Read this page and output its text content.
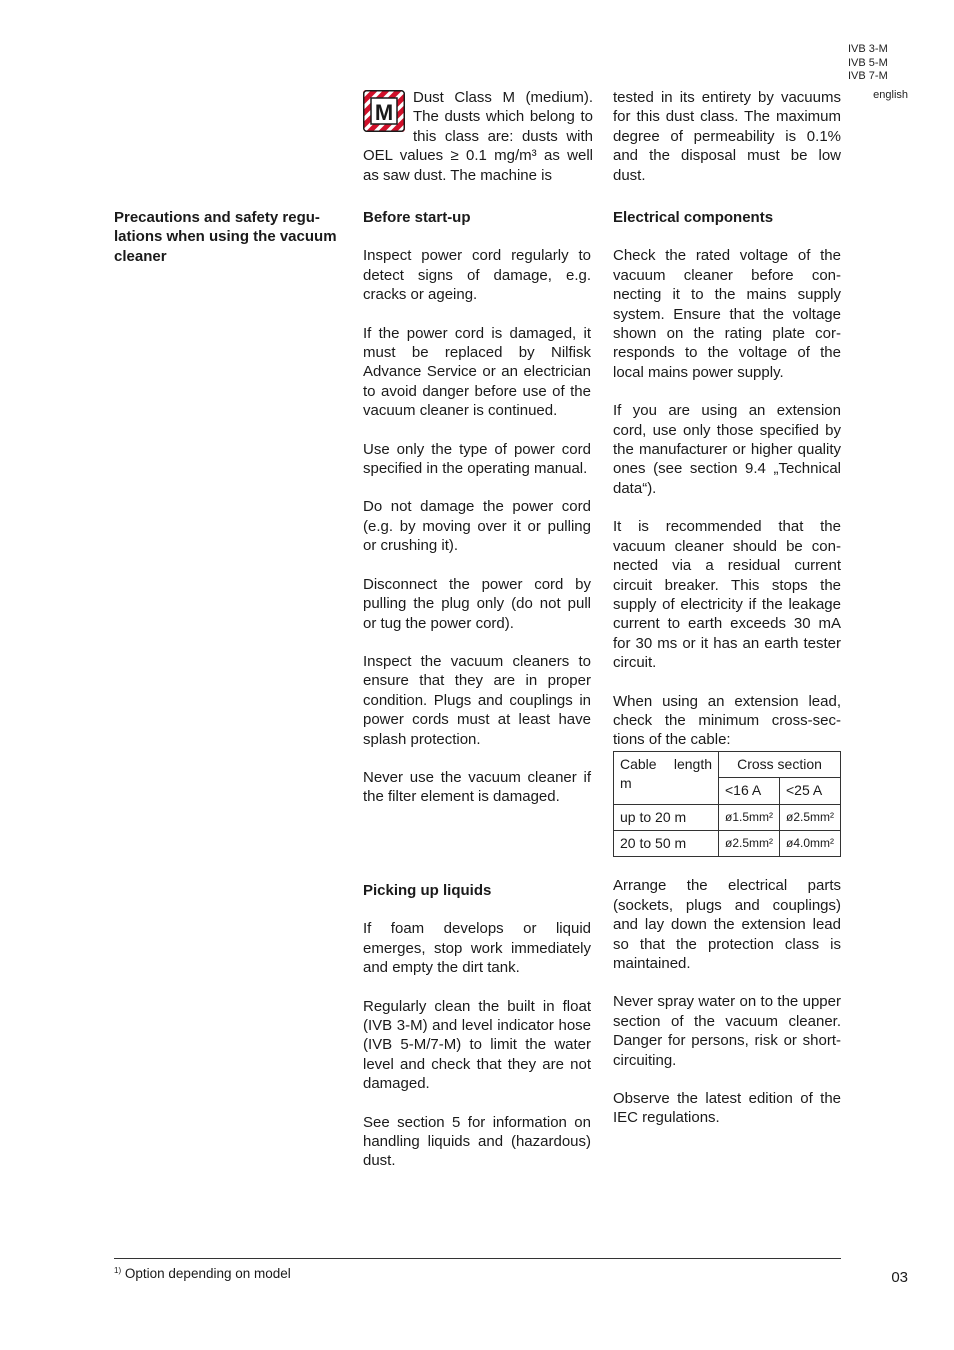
IVB 3-M
IVB 5-M
IVB 7-M
english
M
Dust Class M (medium). The dusts which belong to this class are: dusts with OEL values ≥ 0.1 mg/m³ as well as saw dust. The machine is
tested in its entirety by vacuums for this dust class. The maximum degree of permeability is 0.1% and the disposal must be low dust.
Precautions and safety regulations when using the vacuum cleaner
Before start-up
Inspect power cord regularly to detect signs of damage, e.g. cracks or ageing.
If the power cord is damaged, it must be replaced by Nilfisk Advance Service or an electrician to avoid danger before use of the vacuum cleaner is continued.
Use only the type of power cord specified in the operating manual.
Do not damage the power cord (e.g. by moving over it or pulling or crushing it).
Disconnect the power cord by pulling the plug only (do not pull or tug the power cord).
Inspect the vacuum cleaners to ensure that they are in proper condition. Plugs and couplings in power cords must at least have splash protection.
Never use the vacuum cleaner if the filter element is damaged.
Picking up liquids
If foam develops or liquid emerges, stop work immediately and empty the dirt tank.
Regularly clean the built in float (IVB 3-M) and level indicator hose (IVB 5-M/7-M) to limit the water level and check that they are not damaged.
See section 5 for information on handling liquids and (hazardous) dust.
Electrical components
Check the rated voltage of the vacuum cleaner before connecting it to the mains supply system. Ensure that the voltage shown on the rating plate corresponds to the voltage of the local mains power supply.
If you are using an extension cord, use only those specified by the manufacturer or higher quality ones (see section 9.4 „Technical data“).
It is recommended that the vacuum cleaner should be connected via a residual current circuit breaker. This stops the supply of electricity if the leakage current to earth exceeds 30 mA for 30 ms or it has an earth tester circuit.
When using an extension lead, check the minimum cross-sections of the cable:
Cable length m	Cross section	
	<16 A	<25 A
up to 20 m	ø1.5mm²	ø2.5mm²
20 to 50 m	ø2.5mm²	ø4.0mm²
Arrange the electrical parts (sockets, plugs and couplings) and lay down the extension lead so that the protection class is maintained.
Never spray water on to the upper section of the vacuum cleaner. Danger for persons, risk or short-circuiting.
Observe the latest edition of the IEC regulations.
$^{1)}$ Option depending on model	03
